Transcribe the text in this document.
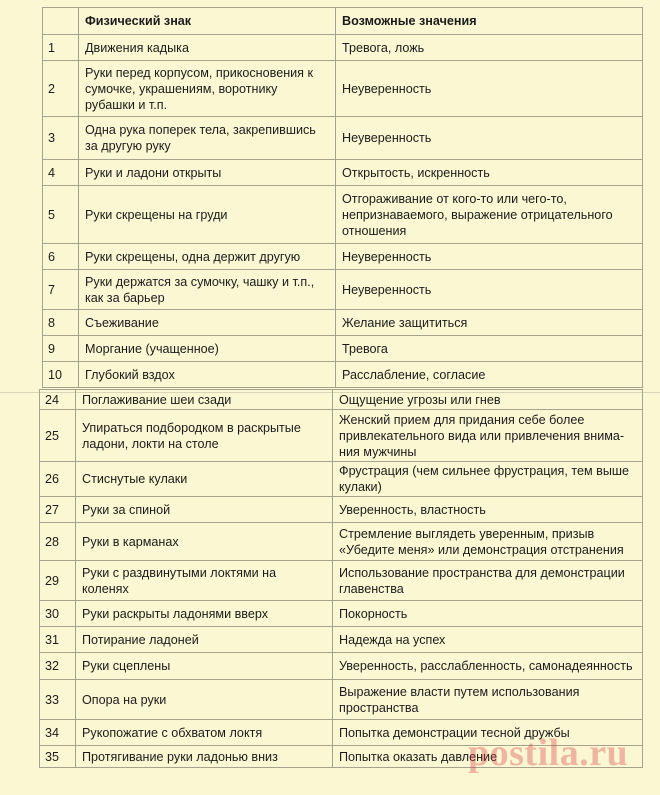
	Физический знак	Возможные значения
1	Движения кадыка	Тревога, ложь
2	Руки перед корпусом, прикосновения к сумочке, украшениям, воротнику рубашки и т.п.	Неуверенность
3	Одна рука поперек тела, закрепившись за другую руку	Неуверенность
4	Руки и ладони открыты	Открытость, искренность
5	Руки скрещены на груди	Отгораживание от кого-то или чего-то, непризнаваемого, выражение отрицательного отношения
6	Руки скрещены, одна держит другую	Неуверенность
7	Руки держатся за сумочку, чашку и т.п., как за барьер	Неуверенность
8	Съеживание	Желание защититься
9	Моргание (учащенное)	Тревога
10	Глубокий вздох	Расслабление, согласие
24	Поглаживание шеи сзади	Ощущение угрозы или гнев
25	Упираться подбородком в раскрытые ладони, локти на столе	Женский прием для придания себе более привлекательного вида или привлечения внима-ния мужчины
26	Стиснутые кулаки	Фрустрация (чем сильнее фрустрация, тем выше кулаки)
27	Руки за спиной	Уверенность, властность
28	Руки в карманах	Стремление выглядеть уверенным, призыв «Убедите меня» или демонстрация отстранения
29	Руки с раздвинутыми локтями на коленях	Использование пространства для демонстрации главенства
30	Руки раскрыты ладонями вверх	Покорность
31	Потирание ладоней	Надежда на успех
32	Руки сцеплены	Уверенность, расслабленность, самонадеянность
33	Опора на руки	Выражение власти путем использования пространства
34	Рукопожатие с обхватом локтя	Попытка демонстрации тесной дружбы
35	Протягивание руки ладонью вниз	Попытка оказать давление
postila.ru
